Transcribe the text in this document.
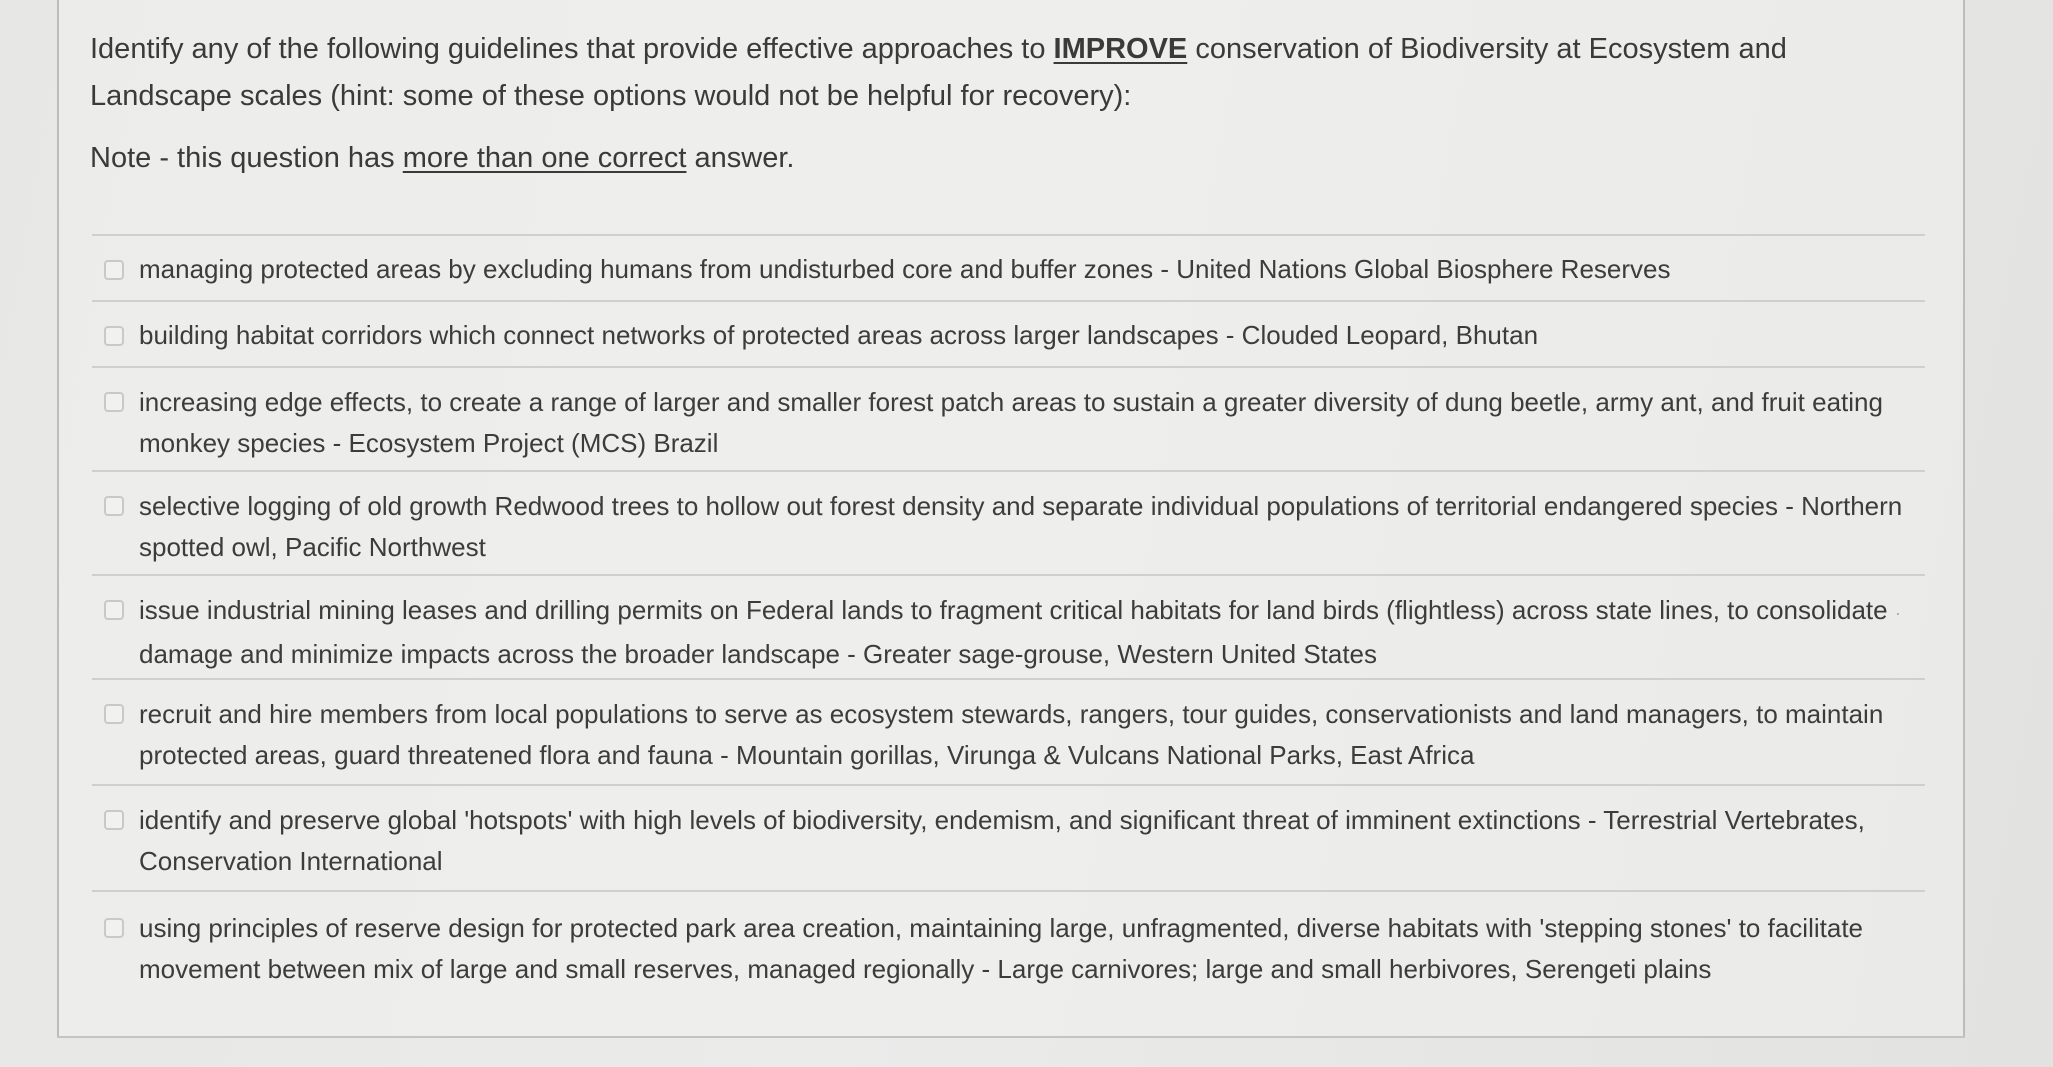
Identify any of the following guidelines that provide effective approaches to IMPROVE conservation of Biodiversity at Ecosystem and
Landscape scales (hint: some of these options would not be helpful for recovery):
Note - this question has more than one correct answer.
managing protected areas by excluding humans from undisturbed core and buffer zones - United Nations Global Biosphere Reserves
building habitat corridors which connect networks of protected areas across larger landscapes - Clouded Leopard, Bhutan
increasing edge effects, to create a range of larger and smaller forest patch areas to sustain a greater diversity of dung beetle, army ant, and fruit eating
monkey species - Ecosystem Project (MCS) Brazil
selective logging of old growth Redwood trees to hollow out forest density and separate individual populations of territorial endangered species - Northern
spotted owl, Pacific Northwest
issue industrial mining leases and drilling permits on Federal lands to fragment critical habitats for land birds (flightless) across state lines, to consolidate ·
damage and minimize impacts across the broader landscape - Greater sage-grouse, Western United States
recruit and hire members from local populations to serve as ecosystem stewards, rangers, tour guides, conservationists and land managers, to maintain
protected areas, guard threatened flora and fauna - Mountain gorillas, Virunga & Vulcans National Parks, East Africa
identify and preserve global 'hotspots' with high levels of biodiversity, endemism, and significant threat of imminent extinctions - Terrestrial Vertebrates,
Conservation International
using principles of reserve design for protected park area creation, maintaining large, unfragmented, diverse habitats with 'stepping stones' to facilitate
movement between mix of large and small reserves, managed regionally - Large carnivores; large and small herbivores, Serengeti plains
